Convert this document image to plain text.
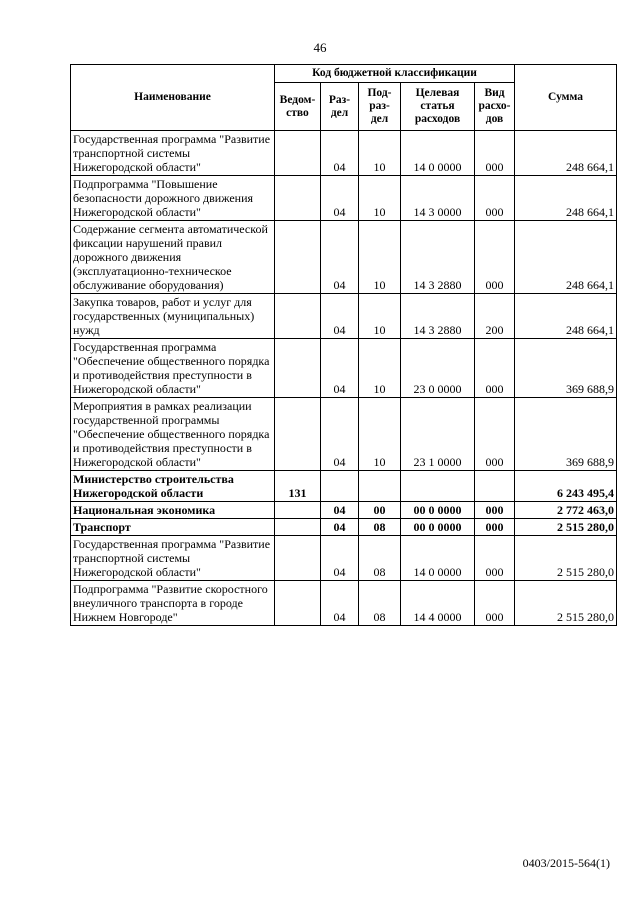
46
Наименование	Код бюджетной классификации					Сумма
	Ведом-ство	Раз-дел	Под-раз-дел	Целевая статья расходов	Вид расхо-дов	
Государственная программа "Развитие транспортной системы Нижегородской области"		04	10	14 0 0000	000	248 664,1
Подпрограмма "Повышение безопасности дорожного движения Нижегородской области"		04	10	14 3 0000	000	248 664,1
Содержание сегмента автоматической фиксации нарушений правил дорожного движения (эксплуатационно-техническое обслуживание оборудования)		04	10	14 3 2880	000	248 664,1
Закупка товаров, работ и услуг для государственных (муниципальных) нужд		04	10	14 3 2880	200	248 664,1
Государственная программа "Обеспечение общественного порядка и противодействия преступности в Нижегородской области"		04	10	23 0 0000	000	369 688,9
Мероприятия в рамках реализации государственной программы "Обеспечение общественного порядка и противодействия преступности в Нижегородской области"		04	10	23 1 0000	000	369 688,9
Министерство строительства Нижегородской области	131					6 243 495,4
Национальная экономика		04	00	00 0 0000	000	2 772 463,0
Транспорт		04	08	00 0 0000	000	2 515 280,0
Государственная программа "Развитие транспортной системы Нижегородской области"		04	08	14 0 0000	000	2 515 280,0
Подпрограмма "Развитие скоростного внеуличного транспорта в городе Нижнем Новгороде"		04	08	14 4 0000	000	2 515 280,0
0403/2015-564(1)
